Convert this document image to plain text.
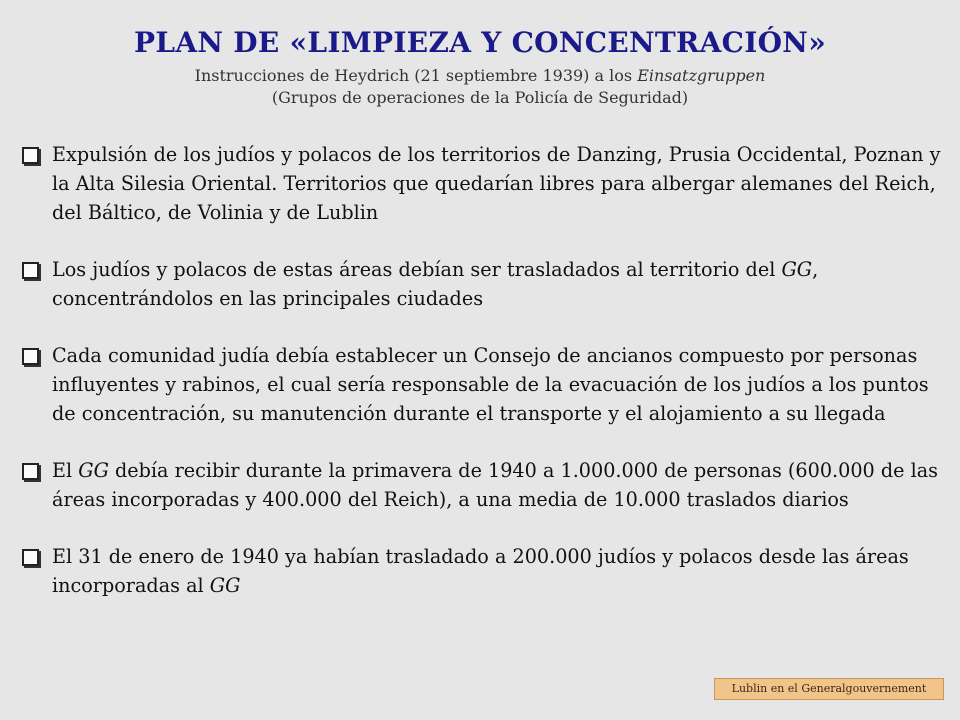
PLAN DE «LIMPIEZA Y CONCENTRACIÓN»
Instrucciones de Heydrich (21 septiembre 1939) a los Einsatzgruppen
(Grupos de operaciones de la Policía de Seguridad)
Expulsión de los judíos y polacos de los territorios de Danzing, Prusia Occidental, Poznan y la Alta Silesia Oriental. Territorios que quedarían libres para albergar alemanes del Reich, del Báltico, de Volinia y de Lublin
Los judíos y polacos de estas áreas debían ser trasladados al territorio del GG, concentrándolos en las principales ciudades
Cada comunidad judía debía establecer un Consejo de ancianos compuesto por personas influyentes y rabinos, el cual sería responsable de la evacuación de los judíos a los puntos de concentración, su manutención durante el transporte y el alojamiento a su llegada
El GG debía recibir durante la primavera de 1940 a 1.000.000 de personas (600.000 de las áreas incorporadas y 400.000 del Reich), a una media de 10.000 traslados diarios
El 31 de enero de 1940 ya habían trasladado a 200.000 judíos y polacos desde las áreas incorporadas al GG
Lublin en el Generalgouvernement
